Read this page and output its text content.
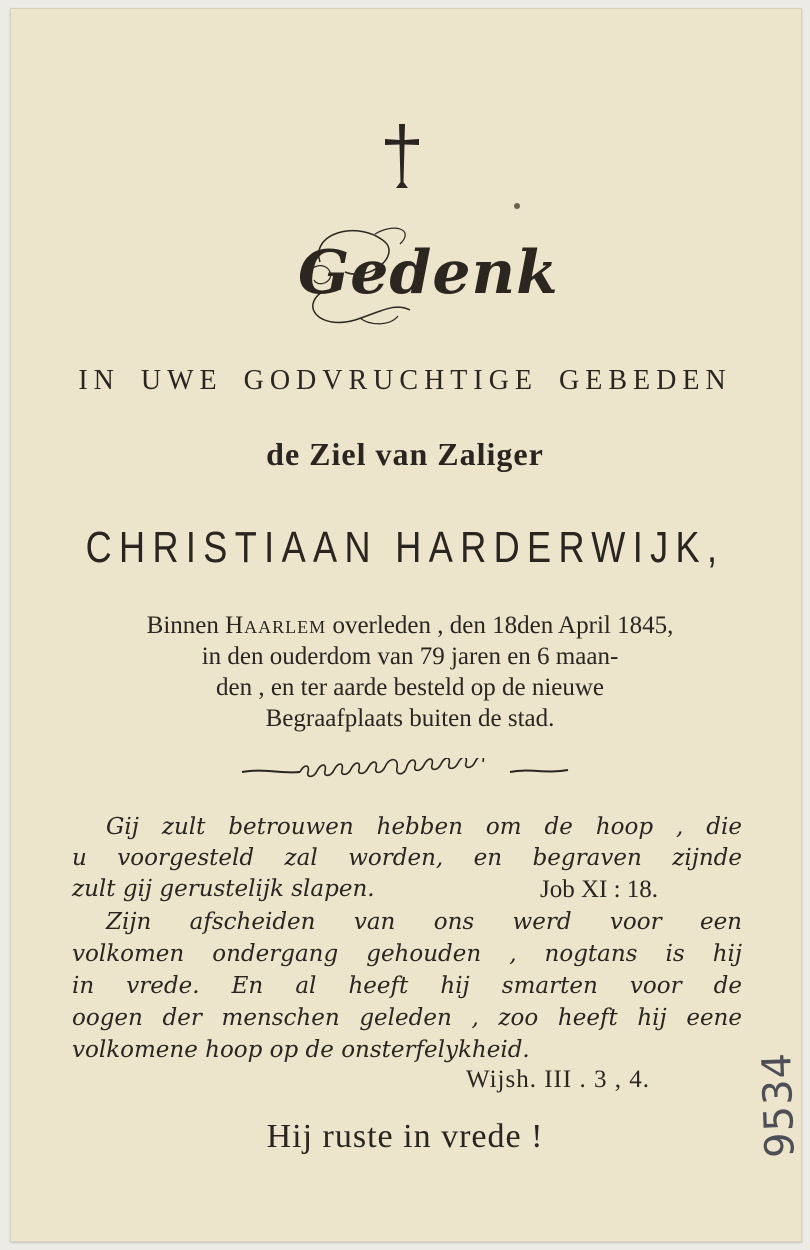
Gedenk
IN UWE GODVRUCHTIGE GEBEDEN
de Ziel van Zaliger
CHRISTIAAN HARDERWIJK,
Binnen Haarlem overleden , den 18den April 1845,
in den ouderdom van 79 jaren en 6 maan-
den , en ter aarde besteld op de nieuwe
Begraafplaats buiten de stad.
Gij zult betrouwen hebben om de hoop , die
u voorgesteld zal worden, en begraven zijnde
zult gij gerustelijk slapen.	Job XI : 18.
Zijn afscheiden van ons werd voor een
volkomen ondergang gehouden , nogtans is hij
in vrede. En al heeft hij smarten voor de
oogen der menschen geleden , zoo heeft hij eene
volkomene hoop op de onsterfelykheid.
Wijsh. III . 3 , 4.
Hij ruste in vrede !	9534
